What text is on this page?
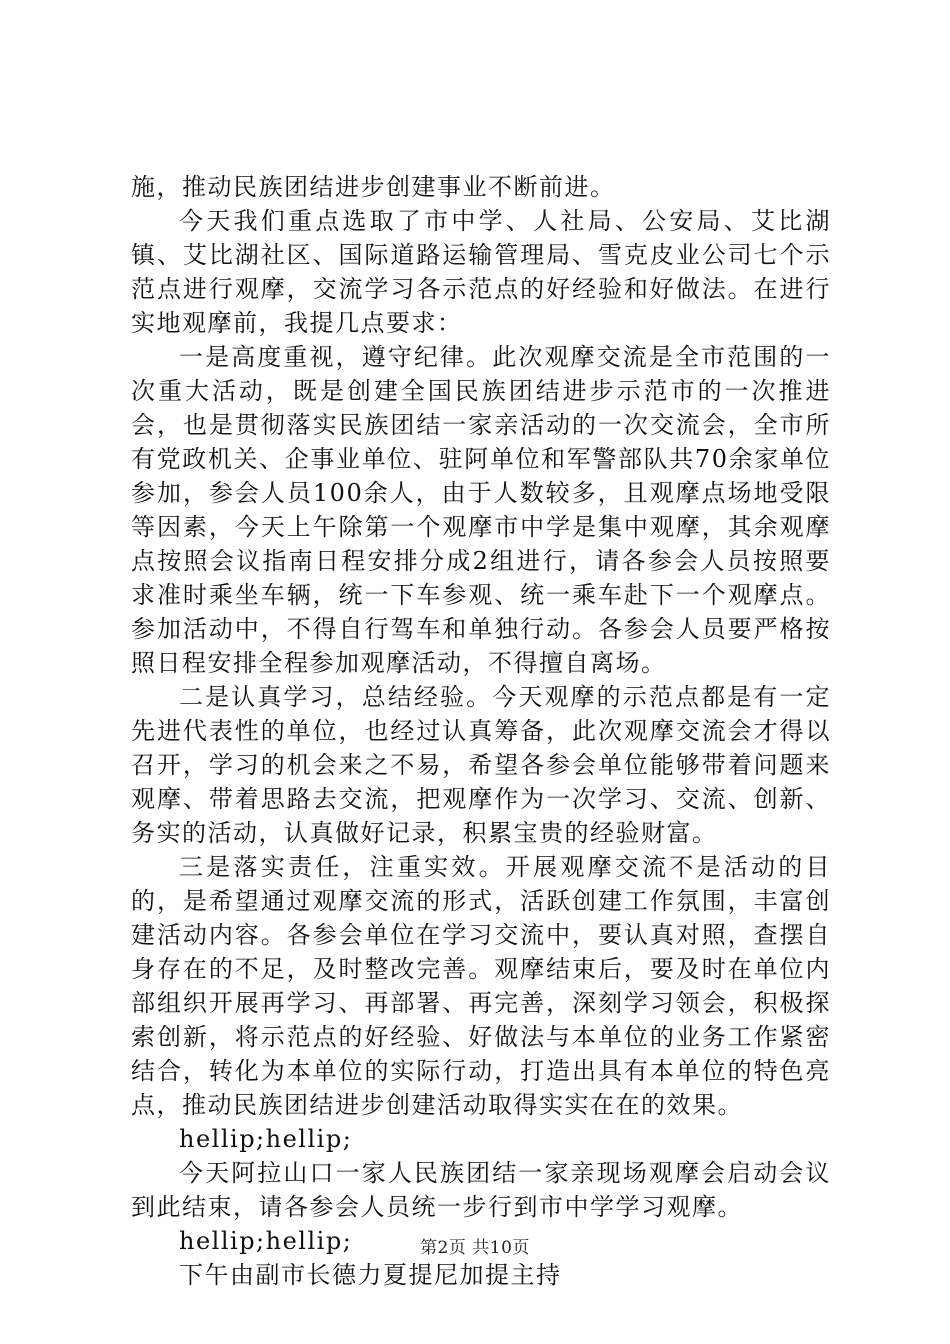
施，推动民族团结进步创建事业不断前进。

今天我们重点选取了市中学、人社局、公安局、艾比湖镇、艾比湖社区、国际道路运输管理局、雪克皮业公司七个示范点进行观摩，交流学习各示范点的好经验和好做法。在进行实地观摩前，我提几点要求：

一是高度重视，遵守纪律。此次观摩交流是全市范围的一次重大活动，既是创建全国民族团结进步示范市的一次推进会，也是贯彻落实民族团结一家亲活动的一次交流会，全市所有党政机关、企事业单位、驻阿单位和军警部队共70余家单位参加，参会人员100余人，由于人数较多，且观摩点场地受限等因素，今天上午除第一个观摩市中学是集中观摩，其余观摩点按照会议指南日程安排分成2组进行，请各参会人员按照要求准时乘坐车辆，统一下车参观、统一乘车赴下一个观摩点。参加活动中，不得自行驾车和单独行动。各参会人员要严格按照日程安排全程参加观摩活动，不得擅自离场。

二是认真学习，总结经验。今天观摩的示范点都是有一定先进代表性的单位，也经过认真筹备，此次观摩交流会才得以召开，学习的机会来之不易，希望各参会单位能够带着问题来观摩、带着思路去交流，把观摩作为一次学习、交流、创新、务实的活动，认真做好记录，积累宝贵的经验财富。

三是落实责任，注重实效。开展观摩交流不是活动的目的，是希望通过观摩交流的形式，活跃创建工作氛围，丰富创建活动内容。各参会单位在学习交流中，要认真对照，查摆自身存在的不足，及时整改完善。观摩结束后，要及时在单位内部组织开展再学习、再部署、再完善，深刻学习领会，积极探索创新，将示范点的好经验、好做法与本单位的业务工作紧密结合，转化为本单位的实际行动，打造出具有本单位的特色亮点，推动民族团结进步创建活动取得实实在在的效果。

hellip;hellip;

今天阿拉山口一家人民族团结一家亲现场观摩会启动会议到此结束，请各参会人员统一步行到市中学学习观摩。

hellip;hellip;

下午由副市长德力夏提尼加提主持

第2页 共10页
